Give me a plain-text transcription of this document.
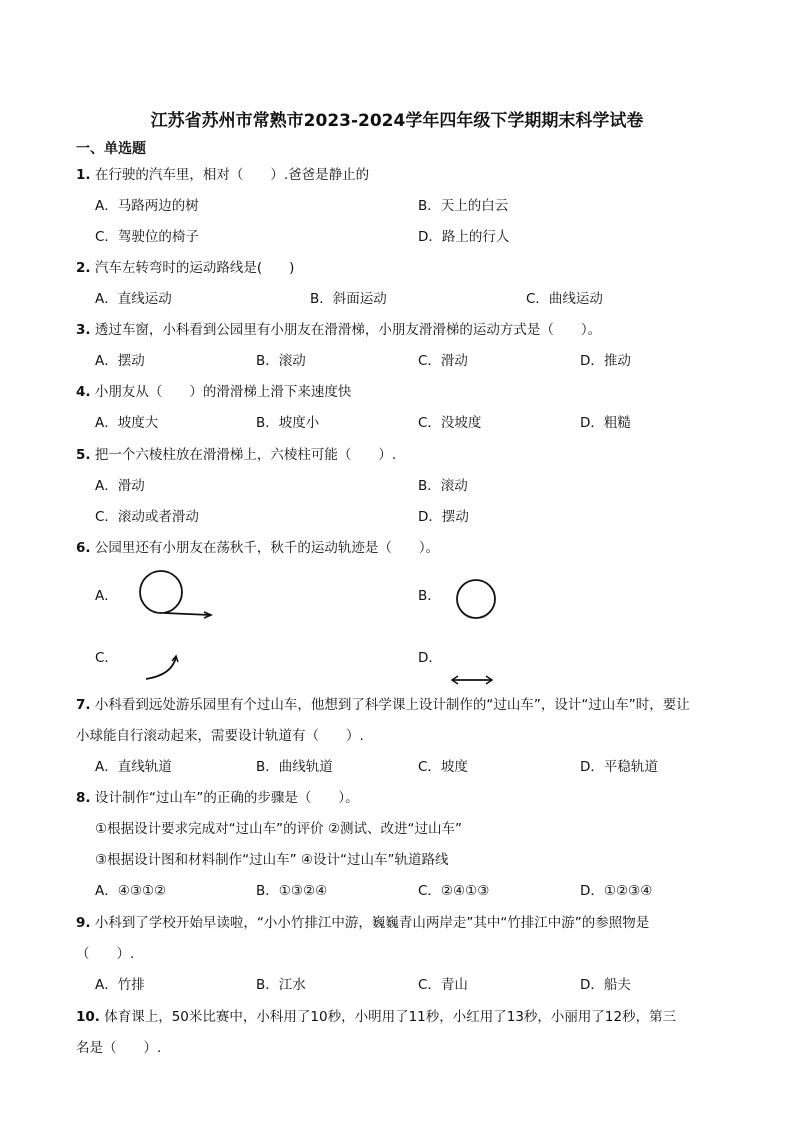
江苏省苏州市常熟市2023-2024学年四年级下学期期末科学试卷
一、单选题
1. 在行驶的汽车里，相对（　　）.爸爸是静止的
A．马路两边的树	B．天上的白云
C．驾驶位的椅子	D．路上的行人
2. 汽车左转弯时的运动路线是(　　)
A．直线运动	B．斜面运动	C．曲线运动
3. 透过车窗，小科看到公园里有小朋友在滑滑梯，小朋友滑滑梯的运动方式是（　　）。
A．摆动	B．滚动	C．滑动	D．推动
4. 小朋友从（　　）的滑滑梯上滑下来速度快
A．坡度大	B．坡度小	C．没坡度	D．粗糙
5. 把一个六棱柱放在滑滑梯上，六棱柱可能（　　）.
A．滑动	B．滚动
C．滚动或者滑动	D．摆动
6. 公园里还有小朋友在荡秋千，秋千的运动轨迹是（　　）。
A．	B．
C．	D．
7. 小科看到远处游乐园里有个过山车，他想到了科学课上设计制作的“过山车”，设计“过山车”时，要让
小球能自行滚动起来，需要设计轨道有（　　）.
A．直线轨道	B．曲线轨道	C．坡度	D．平稳轨道
8. 设计制作“过山车”的正确的步骤是（　　）。
①根据设计要求完成对“过山车”的评价 ②测试、改进“过山车”
③根据设计图和材料制作“过山车” ④设计“过山车”轨道路线
A．④③①②	B．①③②④	C．②④①③	D．①②③④
9. 小科到了学校开始早读啦，“小小竹排江中游，巍巍青山两岸走”其中“竹排江中游”的参照物是
（　　）.
A．竹排	B．江水	C．青山	D．船夫
10. 体育课上，50米比赛中，小科用了10秒，小明用了11秒，小红用了13秒，小丽用了12秒，第三
名是（　　）.
